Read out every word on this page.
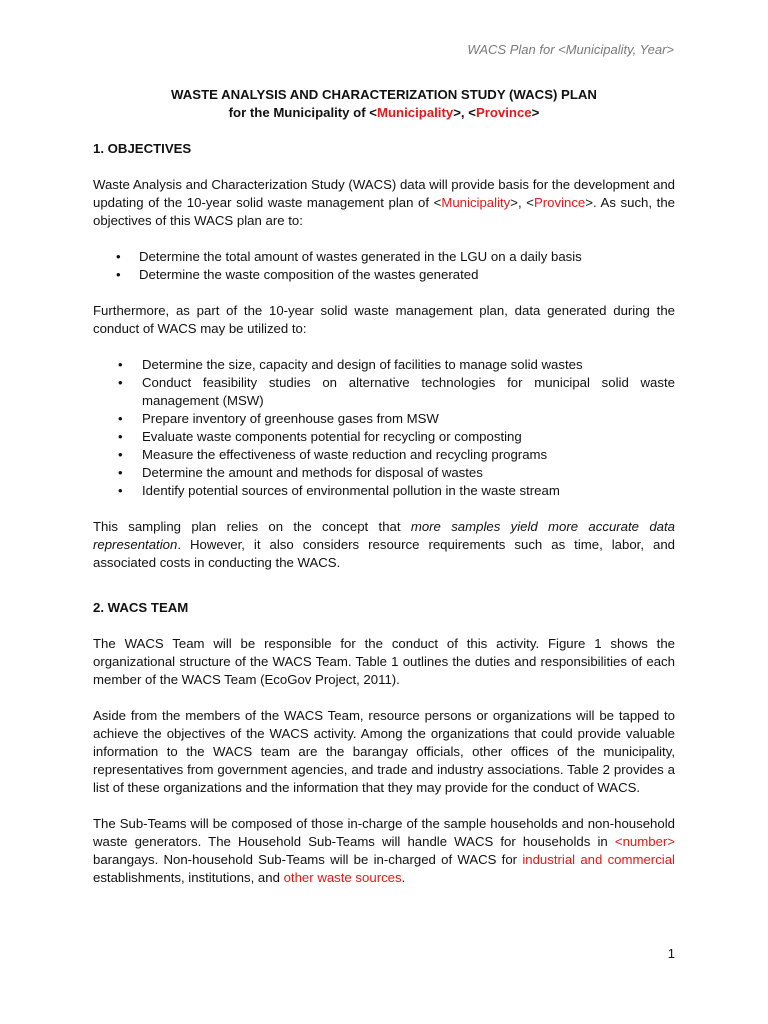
WACS Plan for <Municipality, Year>
WASTE ANALYSIS AND CHARACTERIZATION STUDY (WACS) PLAN
for the Municipality of <Municipality>, <Province>
1. OBJECTIVES

Waste Analysis and Characterization Study (WACS) data will provide basis for the development and updating of the 10-year solid waste management plan of <Municipality>, <Province>. As such, the objectives of this WACS plan are to:

• Determine the total amount of wastes generated in the LGU on a daily basis
• Determine the waste composition of the wastes generated

Furthermore, as part of the 10-year solid waste management plan, data generated during the conduct of WACS may be utilized to:

• Determine the size, capacity and design of facilities to manage solid wastes
• Conduct feasibility studies on alternative technologies for municipal solid waste management (MSW)
• Prepare inventory of greenhouse gases from MSW
• Evaluate waste components potential for recycling or composting
• Measure the effectiveness of waste reduction and recycling programs
• Determine the amount and methods for disposal of wastes
• Identify potential sources of environmental pollution in the waste stream

This sampling plan relies on the concept that more samples yield more accurate data representation. However, it also considers resource requirements such as time, labor, and associated costs in conducting the WACS.

2. WACS TEAM

The WACS Team will be responsible for the conduct of this activity. Figure 1 shows the organizational structure of the WACS Team. Table 1 outlines the duties and responsibilities of each member of the WACS Team (EcoGov Project, 2011).

Aside from the members of the WACS Team, resource persons or organizations will be tapped to achieve the objectives of the WACS activity. Among the organizations that could provide valuable information to the WACS team are the barangay officials, other offices of the municipality, representatives from government agencies, and trade and industry associations. Table 2 provides a list of these organizations and the information that they may provide for the conduct of WACS.

The Sub-Teams will be composed of those in-charge of the sample households and non-household waste generators. The Household Sub-Teams will handle WACS for households in <number> barangays. Non-household Sub-Teams will be in-charged of WACS for industrial and commercial establishments, institutions, and other waste sources.

1
